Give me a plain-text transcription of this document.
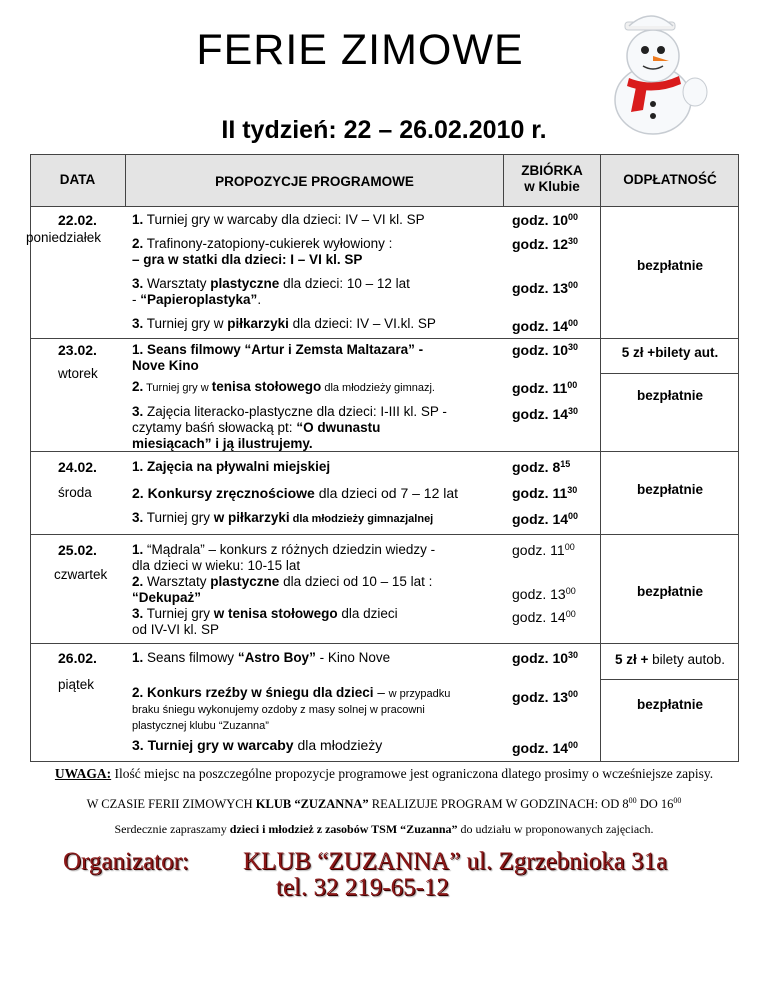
FERIE ZIMOWE
II tydzień: 22 – 26.02.2010 r.
DATA	PROPOZYCJE PROGRAMOWE
ZBIÓRKA
w Klubie	ODPŁATNOŚĆ
22.02.
poniedziałek
1. Turniej gry w warcaby dla dzieci: IV – VI kl. SP
2. Trafinony-zatopiony-cukierek wyłowiony :
– gra w statki dla dzieci: I – VI kl. SP
3. Warsztaty plastyczne dla dzieci: 10 – 12 lat
- “Papieroplastyka”.
3. Turniej gry w piłkarzyki dla dzieci: IV – VI.kl. SP
godz. $10^{00}$
godz. $12^{30}$
godz. $13^{00}$
godz. $14^{00}$
bezpłatnie
23.02.
wtorek
1. Seans filmowy “Artur i Zemsta Maltazara” -
Nove Kino
2. Turniej gry w tenisa stołowego dla młodzieży gimnazj.
3. Zajęcia literacko-plastyczne dla dzieci: I-III kl. SP -
czytamy baśń słowacką pt: “O dwunastu
miesiącach” i ją ilustrujemy.
godz. $10^{30}$
godz. $11^{00}$
godz. $14^{30}$
5 zł +bilety aut.
bezpłatnie
24.02.
środa
1. Zajęcia na pływalni miejskiej
2. Konkursy zręcznościowe dla dzieci od 7 – 12 lat
3. Turniej gry w piłkarzyki dla młodzieży gimnazjalnej
godz. $8^{15}$
godz. $11^{30}$
godz. $14^{00}$
bezpłatnie
25.02.
czwartek
1. “Mądrala” – konkurs z różnych dziedzin wiedzy -
dla dzieci w wieku: 10-15 lat
2. Warsztaty plastyczne dla dzieci od 10 – 15 lat :
“Dekupaż”
3. Turniej gry w tenisa stołowego dla dzieci
od IV-VI kl. SP
godz. $11^{00}$
godz. $13^{00}$
godz. $14^{00}$
bezpłatnie
26.02.
piątek
1. Seans filmowy “Astro Boy” - Kino Nove
2. Konkurs rzeźby w śniegu dla dzieci – w przypadku
braku śniegu wykonujemy ozdoby z masy solnej w pracowni
plastycznej klubu “Zuzanna”
3. Turniej gry w warcaby dla młodzieży
godz. $10^{30}$
godz. $13^{00}$
godz. $14^{00}$
5 zł + bilety autob.
bezpłatnie
UWAGA: Ilość miejsc na poszczególne propozycje programowe jest ograniczona dlatego prosimy o wcześniejsze zapisy.
W CZASIE FERII ZIMOWYCH KLUB “ZUZANNA” REALIZUJE PROGRAM W GODZINACH: OD $8^{00}$ DO $16^{00}$
Serdecznie zapraszamy dzieci i młodzież z zasobów TSM “Zuzanna” do udziału w proponowanych zajęciach.
Organizator: KLUB “ZUZANNA” ul. Zgrzebnioka 31a
tel. 32 219-65-12
